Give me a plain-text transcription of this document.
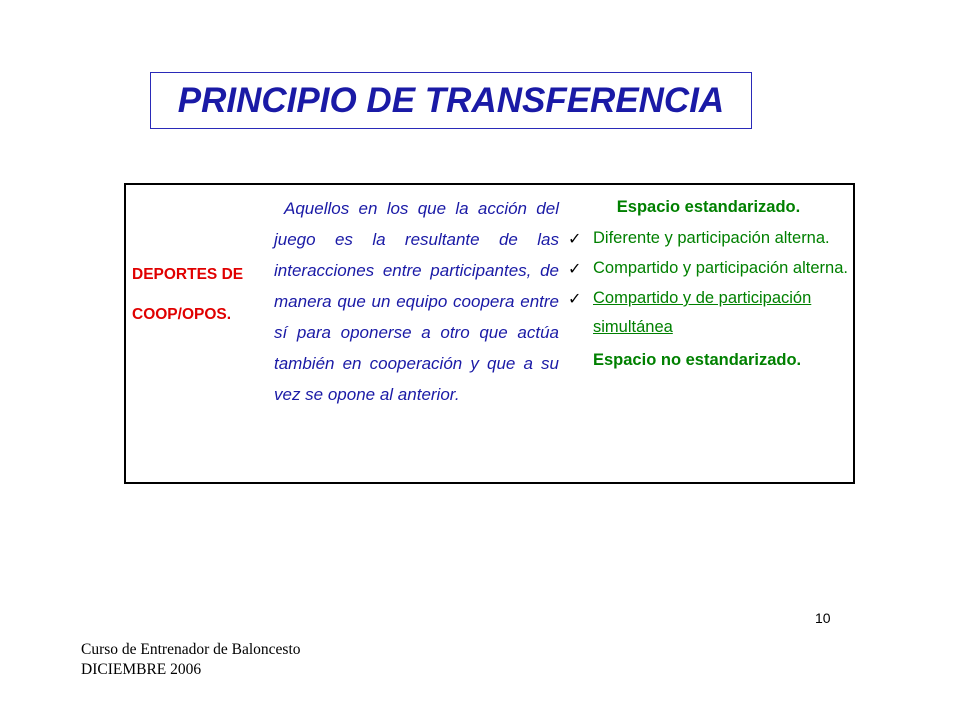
PRINCIPIO DE TRANSFERENCIA
DEPORTES DE
COOP/OPOS.
Aquellos en los que la acción del juego es la resultante de las interacciones entre participantes, de manera que un equipo coopera entre sí para oponerse a otro que actúa también en cooperación y que a su vez se opone al anterior.
Espacio estandarizado.
✓ Diferente y participación alterna.
✓ Compartido y participación alterna.
✓ Compartido y de participación simultánea
Espacio no estandarizado.
10
Curso de Entrenador de Baloncesto
DICIEMBRE 2006
